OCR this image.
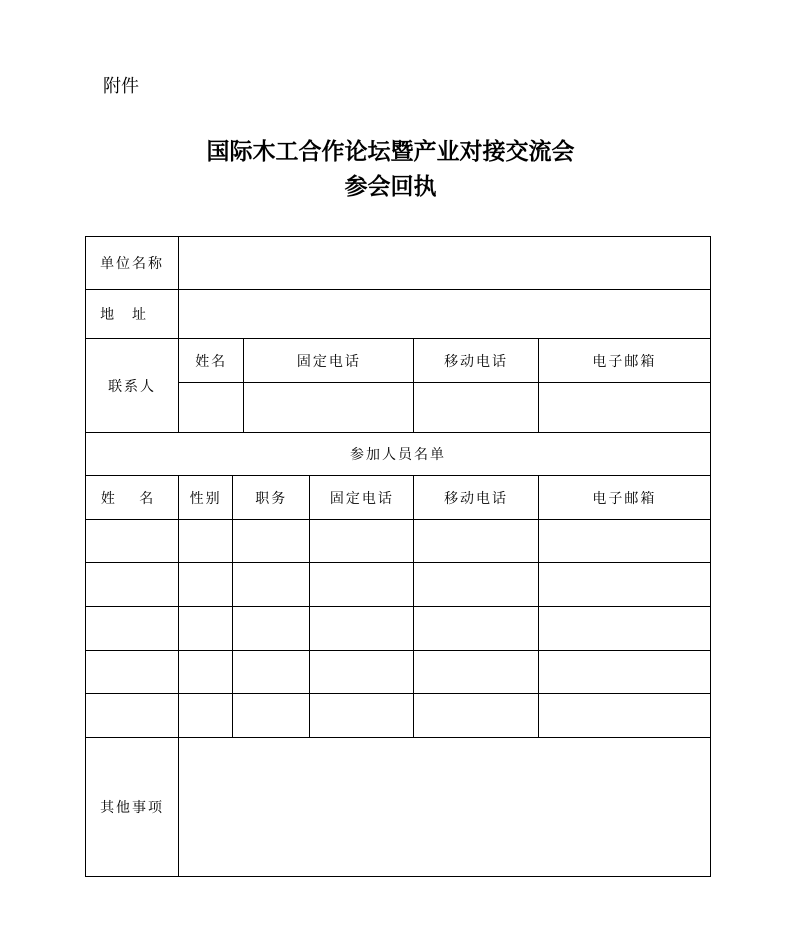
附件
国际木工合作论坛暨产业对接交流会
参会回执
单位名称						
地址						
联系人	姓名		固定电话		移动电话	电子邮箱

参加人员名单						
姓 名	性别	职务		固定电话	移动电话	电子邮箱

其他事项						
